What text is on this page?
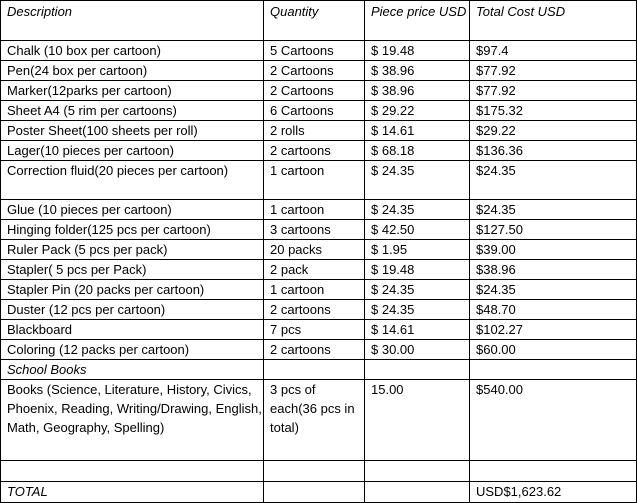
Description	Quantity	Piece price USD	Total Cost USD
Chalk (10 box per cartoon)	5 Cartoons	$ 19.48	$97.4
Pen(24 box per cartoon)	2 Cartoons	$ 38.96	$77.92
Marker(12parks per cartoon)	2 Cartoons	$ 38.96	$77.92
Sheet A4 (5 rim per cartoons)	6 Cartoons	$ 29.22	$175.32
Poster Sheet(100 sheets per roll)	2 rolls	$ 14.61	$29.22
Lager(10 pieces per cartoon)	2 cartoons	$ 68.18	$136.36
Correction fluid(20 pieces per cartoon)	1 cartoon	$ 24.35	$24.35
Glue (10 pieces per cartoon)	1 cartoon	$ 24.35	$24.35
Hinging folder(125 pcs per cartoon)	3 cartoons	$ 42.50	$127.50
Ruler Pack (5 pcs per pack)	20 packs	$ 1.95	$39.00
Stapler( 5 pcs per Pack)	2 pack	$ 19.48	$38.96
Stapler Pin (20 packs per cartoon)	1 cartoon	$ 24.35	$24.35
Duster (12 pcs per cartoon)	2 cartoons	$ 24.35	$48.70
Blackboard	7 pcs	$ 14.61	$102.27
Coloring (12 packs per cartoon)	2 cartoons	$ 30.00	$60.00
School Books			
Books (Science, Literature, History, Civics, Phoenix, Reading, Writing/Drawing, English, Math, Geography, Spelling)	3 pcs of each(36 pcs in total)	15.00	$540.00

TOTAL			USD$1,623.62
